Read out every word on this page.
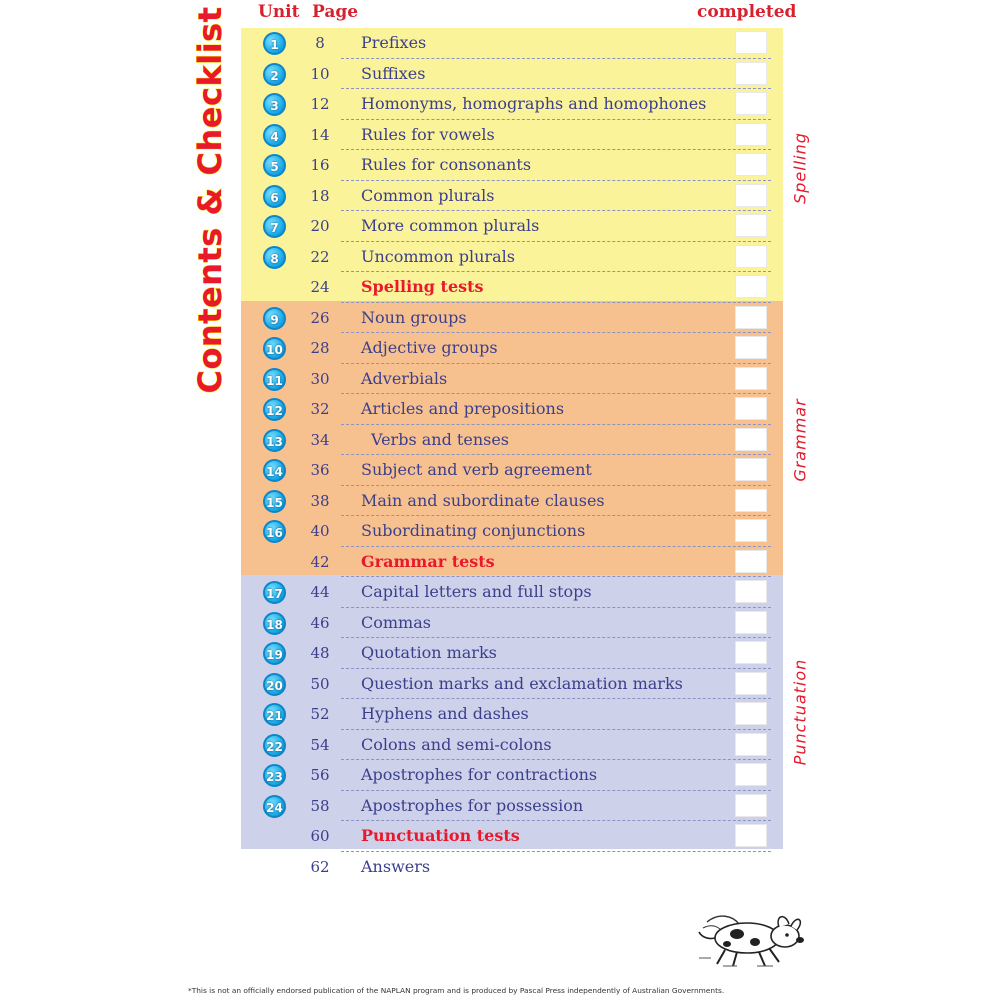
Contents & Checklist Unit Page	completed
Spelling
Grammar
Punctuation
1	8	Prefixes
2	10	Suffixes
3	12	Homonyms, homographs and homophones
4	14	Rules for vowels
5	16	Rules for consonants
6	18	Common plurals
7	20	More common plurals
8	22	Uncommon plurals
24	Spelling tests
9	26	Noun groups
10	28	Adjective groups
11	30	Adverbials
12	32	Articles and prepositions
13	34	Verbs and tenses
14	36	Subject and verb agreement
15	38	Main and subordinate clauses
16	40	Subordinating conjunctions
42	Grammar tests
17	44	Capital letters and full stops
18	46	Commas
19	48	Quotation marks
20	50	Question marks and exclamation marks
21	52	Hyphens and dashes
22	54	Colons and semi-colons
23	56	Apostrophes for contractions
24	58	Apostrophes for possession
60	Punctuation tests
62	Answers
*This is not an officially endorsed publication of the NAPLAN program and is produced by Pascal Press independently of Australian Governments.
